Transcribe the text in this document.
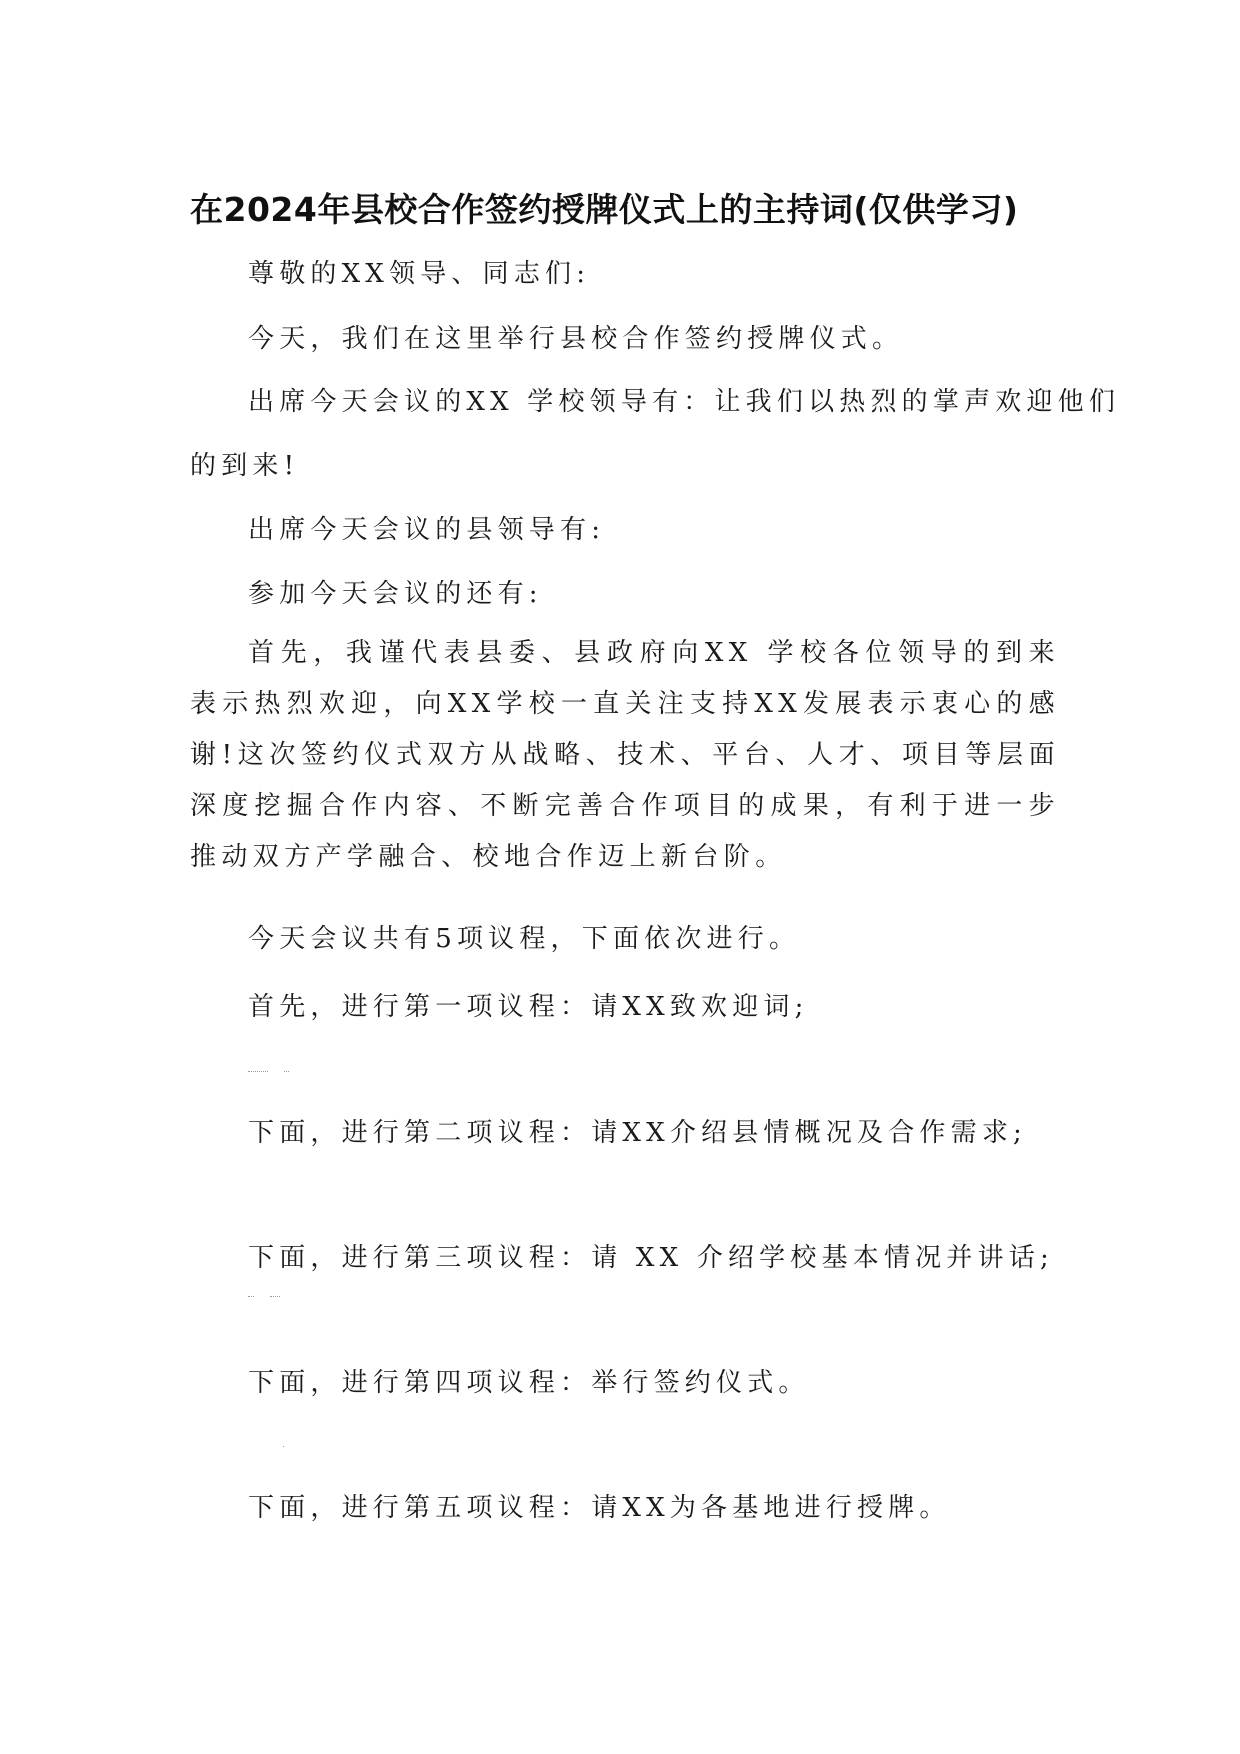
在2024年县校合作签约授牌仪式上的主持词(仅供学习)
尊敬的XX领导、同志们:
今天，我们在这里举行县校合作签约授牌仪式。
出席今天会议的XX 学校领导有：让我们以热烈的掌声欢迎他们
的到来!
出席今天会议的县领导有:
参加今天会议的还有:
首先，我谨代表县委、县政府向XX 学校各位领导的到来表示热烈欢迎，向XX学校一直关注支持XX发展表示衷心的感谢!这次签约仪式双方从战略、技术、平台、人才、项目等层面深度挖掘合作内容、不断完善合作项目的成果，有利于进一步推动双方产学融合、校地合作迈上新台阶。
今天会议共有5项议程，下面依次进行。
首先，进行第一项议程：请XX致欢迎词;
下面，进行第二项议程：请XX介绍县情概况及合作需求;
下面，进行第三项议程：请 XX 介绍学校基本情况并讲话;
下面，进行第四项议程：举行签约仪式。
下面，进行第五项议程：请XX为各基地进行授牌。
